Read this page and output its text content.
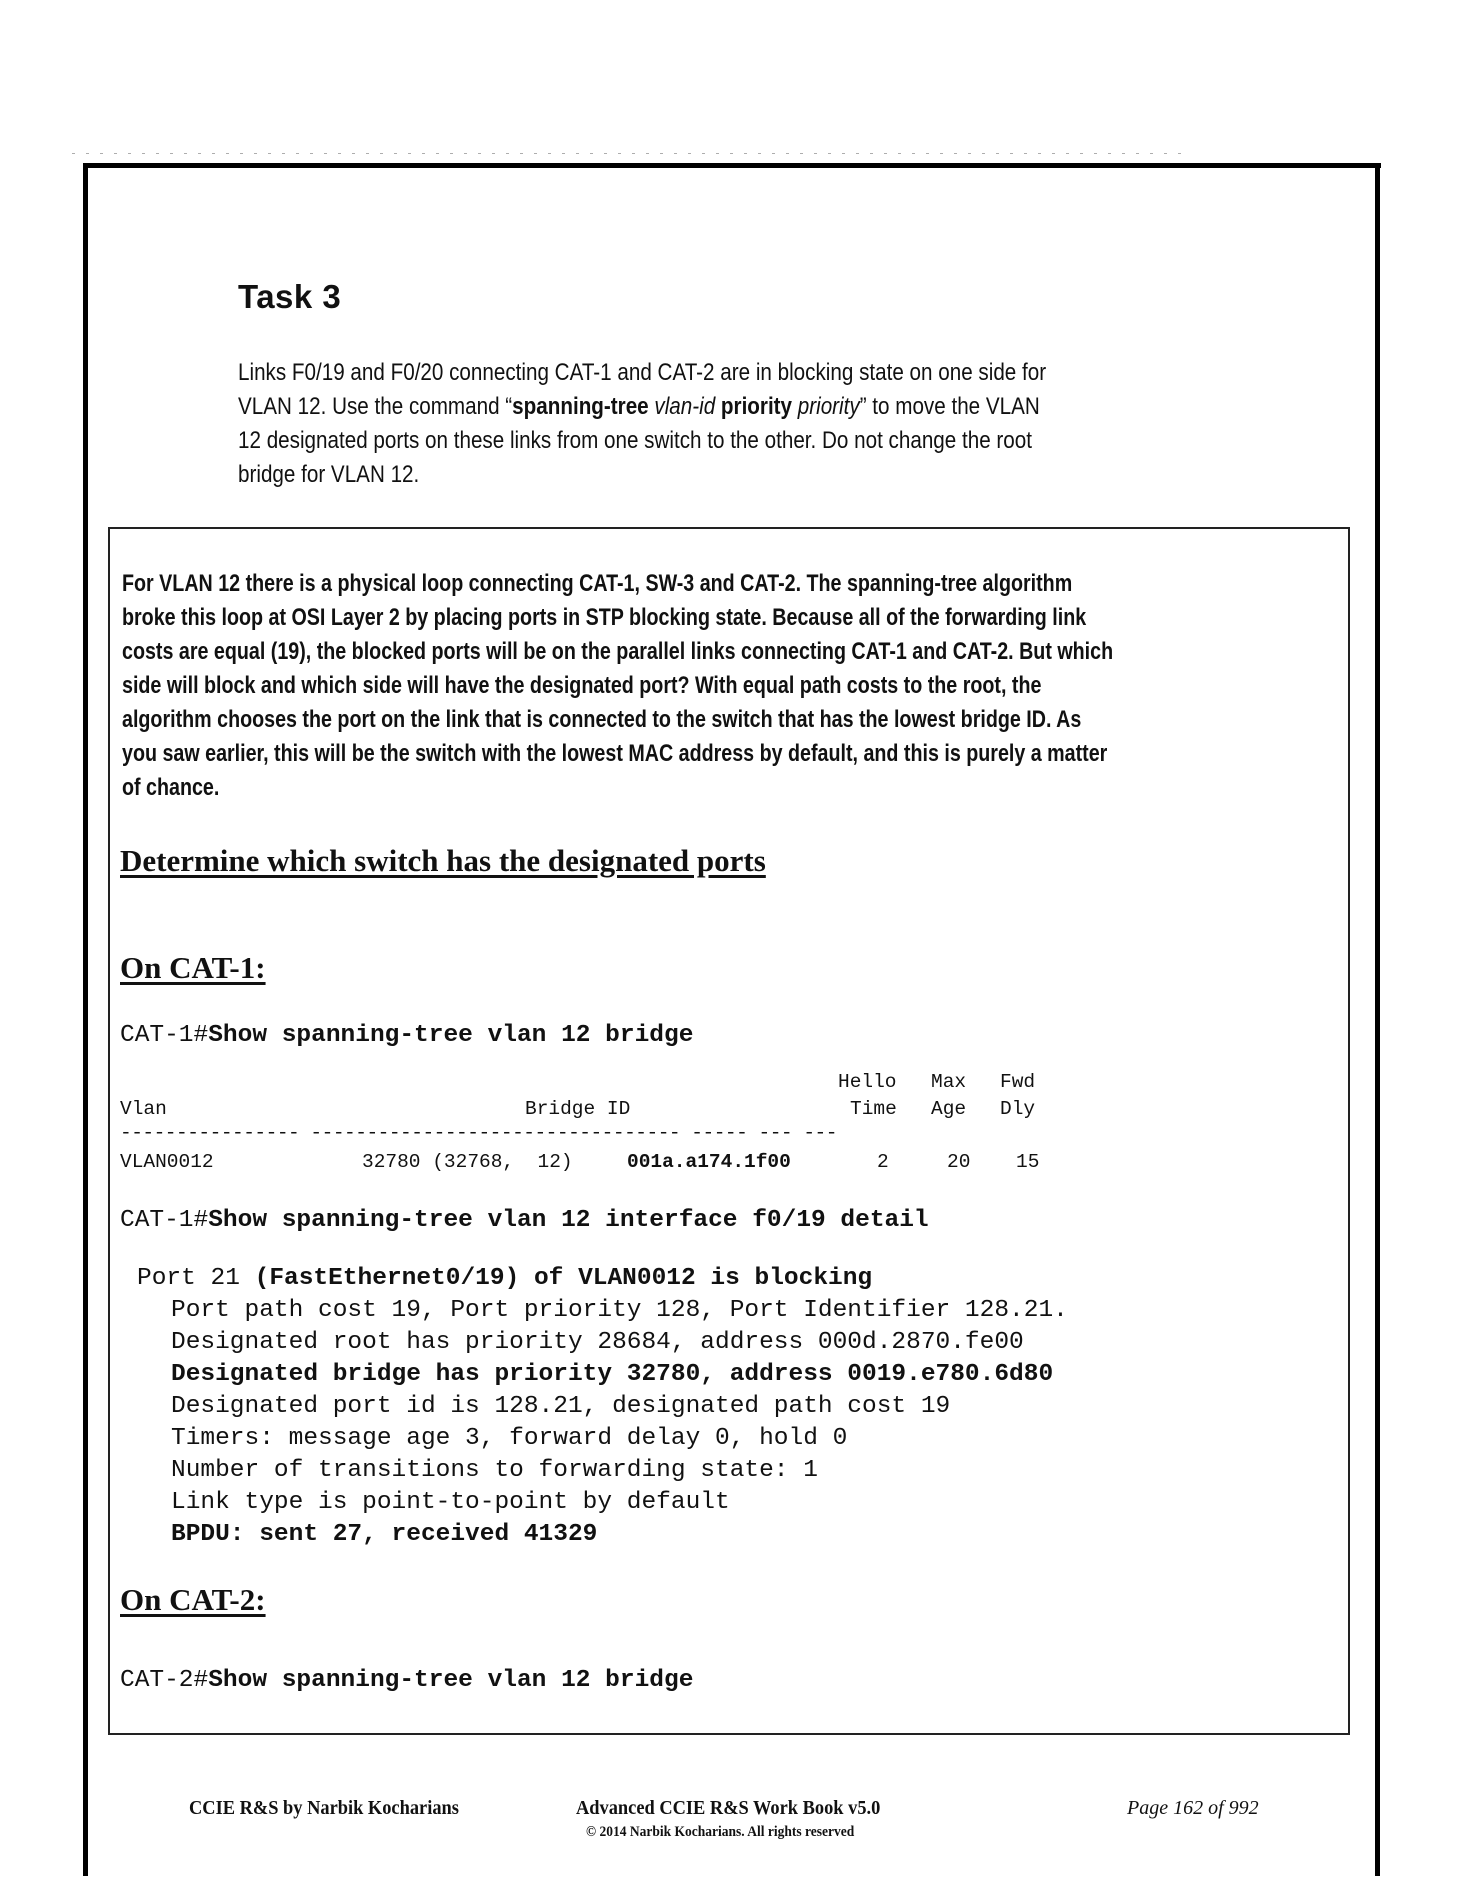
Task 3
Links F0/19 and F0/20 connecting CAT-1 and CAT-2 are in blocking state on one side for
VLAN 12. Use the command “spanning-tree vlan-id priority priority” to move the VLAN
12 designated ports on these links from one switch to the other. Do not change the root
bridge for VLAN 12.
For VLAN 12 there is a physical loop connecting CAT-1, SW-3 and CAT-2. The spanning-tree algorithm
broke this loop at OSI Layer 2 by placing ports in STP blocking state. Because all of the forwarding link
costs are equal (19), the blocked ports will be on the parallel links connecting CAT-1 and CAT-2. But which
side will block and which side will have the designated port? With equal path costs to the root, the
algorithm chooses the port on the link that is connected to the switch that has the lowest bridge ID. As
you saw earlier, this will be the switch with the lowest MAC address by default, and this is purely a matter
of chance.
Determine which switch has the designated ports
On CAT-1:
CAT-1#Show spanning-tree vlan 12 bridge
Hello Max Fwd
Vlan	Bridge ID	Time Age Dly
---------------- --------------------------------- ----- --- ---
VLAN0012	32780 (32768,  12)	001a.a174.1f00	2	20 15
CAT-1#Show spanning-tree vlan 12 interface f0/19 detail
Port 21 (FastEthernet0/19) of VLAN0012 is blocking
Port path cost 19, Port priority 128, Port Identifier 128.21.
Designated root has priority 28684, address 000d.2870.fe00
Designated bridge has priority 32780, address 0019.e780.6d80
Designated port id is 128.21, designated path cost 19
Timers: message age 3, forward delay 0, hold 0
Number of transitions to forwarding state: 1
Link type is point-to-point by default
BPDU: sent 27, received 41329
On CAT-2:
CAT-2#Show spanning-tree vlan 12 bridge
CCIE R&S by Narbik Kocharians	Advanced CCIE R&S Work Book v5.0
© 2014 Narbik Kocharians. All rights reserved
Page 162 of 992
